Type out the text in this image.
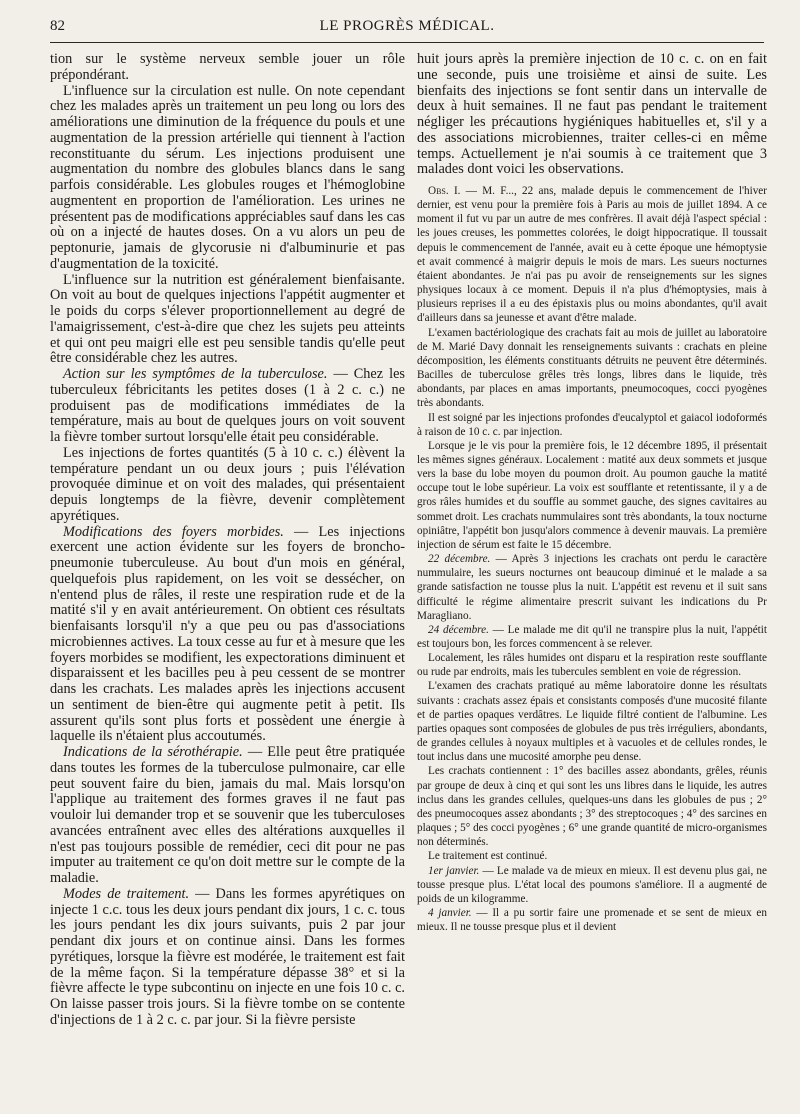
82	LE PROGRÈS MÉDICAL.

tion sur le système nerveux semble jouer un rôle prépondérant.

L'influence sur la circulation est nulle. On note cependant chez les malades après un traitement un peu long ou lors des améliorations une diminution de la fréquence du pouls et une augmentation de la pression artérielle qui tiennent à l'action reconstituante du sérum. Les injections produisent une augmentation du nombre des globules blancs dans le sang parfois considérable. Les globules rouges et l'hémoglobine augmentent en proportion de l'amélioration. Les urines ne présentent pas de modifications appréciables sauf dans les cas où on a injecté de hautes doses. On a vu alors un peu de peptonurie, jamais de glycorusie ni d'albuminurie et pas d'augmentation de la toxicité.

L'influence sur la nutrition est généralement bienfaisante. On voit au bout de quelques injections l'appétit augmenter et le poids du corps s'élever proportionnellement au degré de l'amaigrissement, c'est-à-dire que chez les sujets peu atteints et qui ont peu maigri elle est peu sensible tandis qu'elle peut être considérable chez les autres.

Action sur les symptômes de la tuberculose. — Chez les tuberculeux fébricitants les petites doses (1 à 2 c. c.) ne produisent pas de modifications immédiates de la température, mais au bout de quelques jours on voit souvent la fièvre tomber surtout lorsqu'elle était peu considérable.

Les injections de fortes quantités (5 à 10 c. c.) élèvent la température pendant un ou deux jours ; puis l'élévation provoquée diminue et on voit des malades, qui présentaient depuis longtemps de la fièvre, devenir complètement apyrétiques.

Modifications des foyers morbides. — Les injections exercent une action évidente sur les foyers de broncho-pneumonie tuberculeuse. Au bout d'un mois en général, quelquefois plus rapidement, on les voit se dessécher, on n'entend plus de râles, il reste une respiration rude et de la matité s'il y en avait antérieurement. On obtient ces résultats bienfaisants lorsqu'il n'y a que peu ou pas d'associations microbiennes actives. La toux cesse au fur et à mesure que les foyers morbides se modifient, les expectorations diminuent et disparaissent et les bacilles peu à peu cessent de se montrer dans les crachats. Les malades après les injections accusent un sentiment de bien-être qui augmente petit à petit. Ils assurent qu'ils sont plus forts et possèdent une énergie à laquelle ils n'étaient plus accoutumés.

Indications de la sérothérapie. — Elle peut être pratiquée dans toutes les formes de la tuberculose pulmonaire, car elle peut souvent faire du bien, jamais du mal. Mais lorsqu'on l'applique au traitement des formes graves il ne faut pas vouloir lui demander trop et se souvenir que les tuberculoses avancées entraînent avec elles des altérations auxquelles il n'est pas toujours possible de remédier, ceci dit pour ne pas imputer au traitement ce qu'on doit mettre sur le compte de la maladie.

Modes de traitement. — Dans les formes apyrétiques on injecte 1 c.c. tous les deux jours pendant dix jours, 1 c. c. tous les jours pendant les dix jours suivants, puis 2 par jour pendant dix jours et on continue ainsi. Dans les formes pyrétiques, lorsque la fièvre est modérée, le traitement est fait de la même façon. Si la température dépasse 38° et si la fièvre affecte le type subcontinu on injecte en une fois 10 c. c. On laisse passer trois jours. Si la fièvre tombe on se contente d'injections de 1 à 2 c. c. par jour. Si la fièvre persiste

huit jours après la première injection de 10 c. c. on en fait une seconde, puis une troisième et ainsi de suite. Les bienfaits des injections se font sentir dans un intervalle de deux à huit semaines. Il ne faut pas pendant le traitement négliger les précautions hygiéniques habituelles et, s'il y a des associations microbiennes, traiter celles-ci en même temps. Actuellement je n'ai soumis à ce traitement que 3 malades dont voici les observations.

Obs. I. — M. F..., 22 ans, malade depuis le commencement de l'hiver dernier, est venu pour la première fois à Paris au mois de juillet 1894. A ce moment il fut vu par un autre de mes confrères. Il avait déjà l'aspect spécial : les joues creuses, les pommettes colorées, le doigt hippocratique. Il toussait depuis le commencement de l'année, avait eu à cette époque une hémoptysie et avait commencé à maigrir depuis le mois de mars. Les sueurs nocturnes étaient abondantes. Je n'ai pas pu avoir de renseignements sur les signes physiques locaux à ce moment. Depuis il n'a plus d'hémoptysies, mais à plusieurs reprises il a eu des épistaxis plus ou moins abondantes, qu'il avait d'ailleurs dans sa jeunesse et avant d'être malade.

L'examen bactériologique des crachats fait au mois de juillet au laboratoire de M. Marié Davy donnait les renseignements suivants : crachats en pleine décomposition, les éléments constituants détruits ne peuvent être déterminés. Bacilles de tuberculose grêles très longs, libres dans le liquide, très abondants, par places en amas importants, pneumocoques, cocci pyogènes très abondants.

Il est soigné par les injections profondes d'eucalyptol et gaiacol iodoformés à raison de 10 c. c. par injection.

Lorsque je le vis pour la première fois, le 12 décembre 1895, il présentait les mêmes signes généraux. Localement : matité aux deux sommets et jusque vers la base du lobe moyen du poumon droit. Au poumon gauche la matité occupe tout le lobe supérieur. La voix est soufflante et retentissante, il y a de gros râles humides et du souffle au sommet gauche, des signes cavitaires au sommet droit. Les crachats nummulaires sont très abondants, la toux nocturne opiniâtre, l'appétit bon jusqu'alors commence à devenir mauvais. La première injection de sérum est faite le 15 décembre.

22 décembre. — Après 3 injections les crachats ont perdu le caractère nummulaire, les sueurs nocturnes ont beaucoup diminué et le malade a sa grande satisfaction ne tousse plus la nuit. L'appétit est revenu et il suit sans difficulté le régime alimentaire prescrit suivant les indications du Pr Maragliano.

24 décembre. — Le malade me dit qu'il ne transpire plus la nuit, l'appétit est toujours bon, les forces commencent à se relever.

Localement, les râles humides ont disparu et la respiration reste soufflante ou rude par endroits, mais les tubercules semblent en voie de régression.

L'examen des crachats pratiqué au même laboratoire donne les résultats suivants : crachats assez épais et consistants composés d'une mucosité filante et de parties opaques verdâtres. Le liquide filtré contient de l'albumine. Les parties opaques sont composées de globules de pus très irréguliers, abondants, de grandes cellules à noyaux multiples et à vacuoles et de cellules rondes, le tout inclus dans une mucosité amorphe peu dense.

Les crachats contiennent : 1° des bacilles assez abondants, grêles, réunis par groupe de deux à cinq et qui sont les uns libres dans le liquide, les autres inclus dans les grandes cellules, quelques-uns dans les globules de pus ; 2° des pneumocoques assez abondants ; 3° des streptocoques ; 4° des sarcines en plaques ; 5° des cocci pyogènes ; 6° une grande quantité de micro-organismes non déterminés.

Le traitement est continué.

1er janvier. — Le malade va de mieux en mieux. Il est devenu plus gai, ne tousse presque plus. L'état local des poumons s'améliore. Il a augmenté de poids de un kilogramme.

4 janvier. — Il a pu sortir faire une promenade et se sent de mieux en mieux. Il ne tousse presque plus et il devient
